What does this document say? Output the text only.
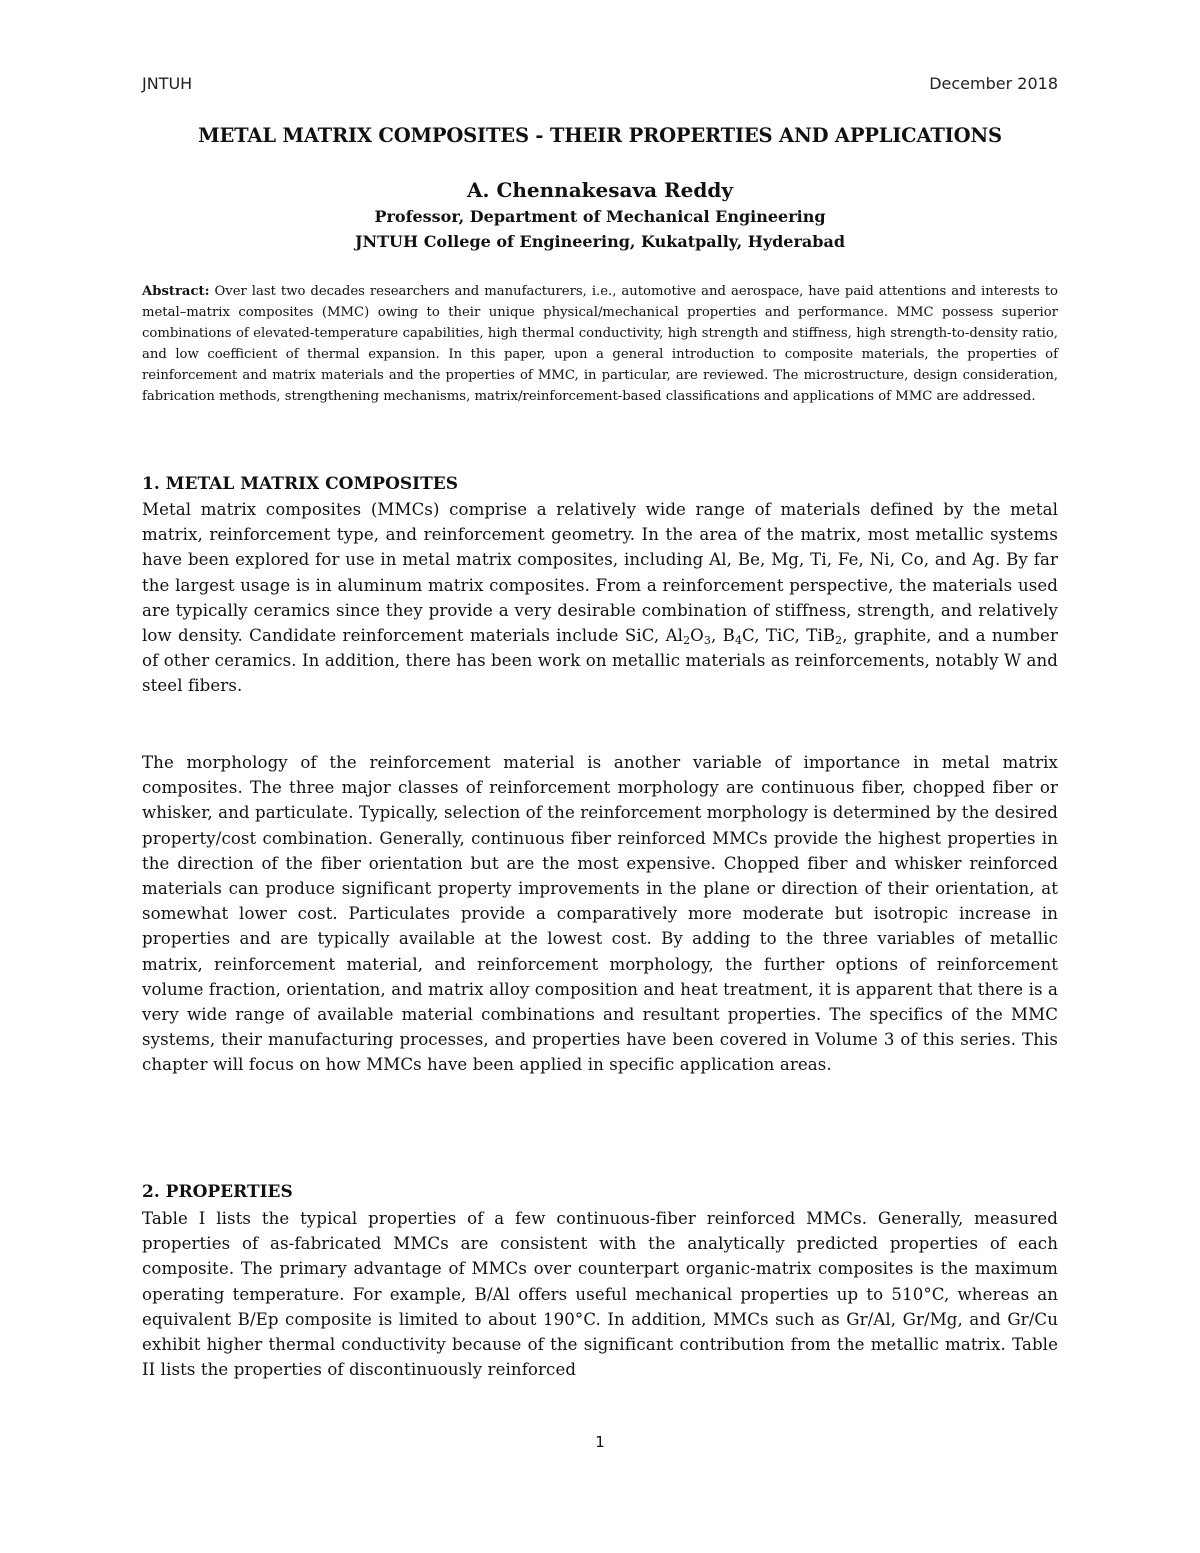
JNTUH	December 2018
METAL MATRIX COMPOSITES - THEIR PROPERTIES AND APPLICATIONS
A. Chennakesava Reddy
Professor, Department of Mechanical Engineering
JNTUH College of Engineering, Kukatpally, Hyderabad
Abstract: Over last two decades researchers and manufacturers, i.e., automotive and aerospace, have paid attentions and interests to metal–matrix composites (MMC) owing to their unique physical/mechanical properties and performance. MMC possess superior combinations of elevated-temperature capabilities, high thermal conductivity, high strength and stiffness, high strength-to-density ratio, and low coefficient of thermal expansion. In this paper, upon a general introduction to composite materials, the properties of reinforcement and matrix materials and the properties of MMC, in particular, are reviewed. The microstructure, design consideration, fabrication methods, strengthening mechanisms, matrix/reinforcement-based classifications and applications of MMC are addressed.
1. METAL MATRIX COMPOSITES
Metal matrix composites (MMCs) comprise a relatively wide range of materials defined by the metal matrix, reinforcement type, and reinforcement geometry. In the area of the matrix, most metallic systems have been explored for use in metal matrix composites, including Al, Be, Mg, Ti, Fe, Ni, Co, and Ag. By far the largest usage is in aluminum matrix composites. From a reinforcement perspective, the materials used are typically ceramics since they provide a very desirable combination of stiffness, strength, and relatively low density. Candidate reinforcement materials include SiC, $Al_2O_3$, $B_4C$, TiC, TiB$_2$, graphite, and a number of other ceramics. In addition, there has been work on metallic materials as reinforcements, notably W and steel fibers.
The morphology of the reinforcement material is another variable of importance in metal matrix composites. The three major classes of reinforcement morphology are continuous fiber, chopped fiber or whisker, and particulate. Typically, selection of the reinforcement morphology is determined by the desired property/cost combination. Generally, continuous fiber reinforced MMCs provide the highest properties in the direction of the fiber orientation but are the most expensive. Chopped fiber and whisker reinforced materials can produce significant property improvements in the plane or direction of their orientation, at somewhat lower cost. Particulates provide a comparatively more moderate but isotropic increase in properties and are typically available at the lowest cost. By adding to the three variables of metallic matrix, reinforcement material, and reinforcement morphology, the further options of reinforcement volume fraction, orientation, and matrix alloy composition and heat treatment, it is apparent that there is a very wide range of available material combinations and resultant properties. The specifics of the MMC systems, their manufacturing processes, and properties have been covered in Volume 3 of this series. This chapter will focus on how MMCs have been applied in specific application areas.
2. PROPERTIES
Table I lists the typical properties of a few continuous-fiber reinforced MMCs. Generally, measured properties of as-fabricated MMCs are consistent with the analytically predicted properties of each composite. The primary advantage of MMCs over counterpart organic-matrix composites is the maximum operating temperature. For example, B/Al offers useful mechanical properties up to 510°C, whereas an equivalent B/Ep composite is limited to about 190°C. In addition, MMCs such as Gr/Al, Gr/Mg, and Gr/Cu exhibit higher thermal conductivity because of the significant contribution from the metallic matrix. Table II lists the properties of discontinuously reinforced
1
